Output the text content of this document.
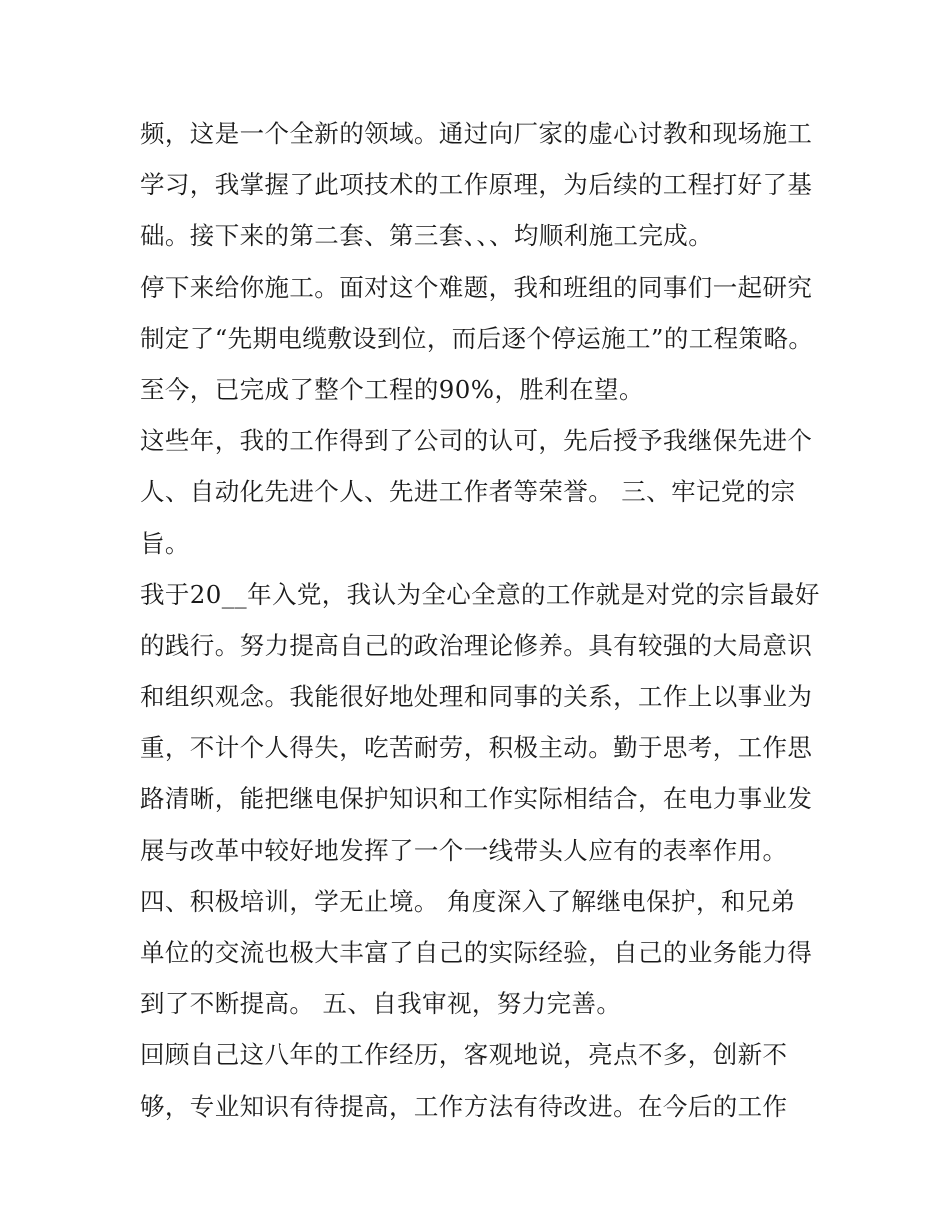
频，这是一个全新的领域。通过向厂家的虚心讨教和现场施工
学习，我掌握了此项技术的工作原理，为后续的工程打好了基
础。接下来的第二套、第三套、、、均顺利施工完成。
停下来给你施工。面对这个难题，我和班组的同事们一起研究
制定了“先期电缆敷设到位，而后逐个停运施工”的工程策略。
至今，已完成了整个工程的90%，胜利在望。
这些年，我的工作得到了公司的认可，先后授予我继保先进个
人、自动化先进个人、先进工作者等荣誉。 三、牢记党的宗
旨。
我于20__年入党，我认为全心全意的工作就是对党的宗旨最好
的践行。努力提高自己的政治理论修养。具有较强的大局意识
和组织观念。我能很好地处理和同事的关系，工作上以事业为
重，不计个人得失，吃苦耐劳，积极主动。勤于思考，工作思
路清晰，能把继电保护知识和工作实际相结合，在电力事业发
展与改革中较好地发挥了一个一线带头人应有的表率作用。
四、积极培训，学无止境。 角度深入了解继电保护，和兄弟
单位的交流也极大丰富了自己的实际经验，自己的业务能力得
到了不断提高。 五、自我审视，努力完善。
回顾自己这八年的工作经历，客观地说，亮点不多，创新不
够，专业知识有待提高，工作方法有待改进。在今后的工作
